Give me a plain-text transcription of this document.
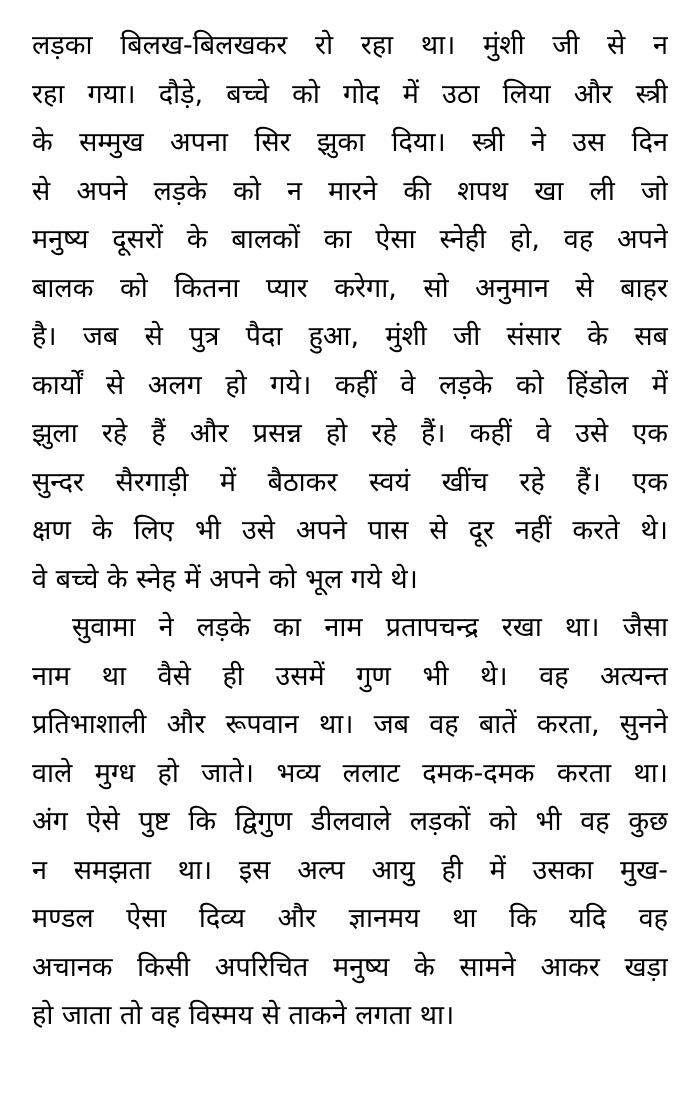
लड़का बिलख-बिलखकर रो रहा था। मुंशी जी से न
रहा गया। दौड़े, बच्चे को गोद में उठा लिया और स्त्री
के सम्मुख अपना सिर झुका दिया। स्त्री ने उस दिन
से अपने लड़के को न मारने की शपथ खा ली जो
मनुष्य दूसरों के बालकों का ऐसा स्नेही हो, वह अपने
बालक को कितना प्यार करेगा, सो अनुमान से बाहर
है। जब से पुत्र पैदा हुआ, मुंशी जी संसार के सब
कार्यों से अलग हो गये। कहीं वे लड़के को हिंडोल में
झुला रहे हैं और प्रसन्न हो रहे हैं। कहीं वे उसे एक
सुन्दर सैरगाड़ी में बैठाकर स्वयं खींच रहे हैं। एक
क्षण के लिए भी उसे अपने पास से दूर नहीं करते थे।
वे बच्चे के स्नेह में अपने को भूल गये थे।
सुवामा ने लड़के का नाम प्रतापचन्द्र रखा था। जैसा
नाम था वैसे ही उसमें गुण भी थे। वह अत्यन्त
प्रतिभाशाली और रूपवान था। जब वह बातें करता, सुनने
वाले मुग्ध हो जाते। भव्य ललाट दमक-दमक करता था।
अंग ऐसे पुष्ट कि द्विगुण डीलवाले लड़कों को भी वह कुछ
न समझता था। इस अल्प आयु ही में उसका मुख-
मण्डल ऐसा दिव्य और ज्ञानमय था कि यदि वह
अचानक किसी अपरिचित मनुष्य के सामने आकर खड़ा
हो जाता तो वह विस्मय से ताकने लगता था।
